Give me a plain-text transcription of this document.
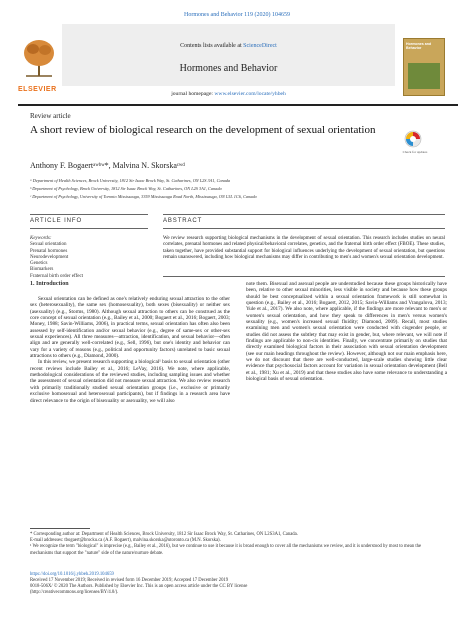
Hormones and Behavior 119 (2020) 104659
ELSEVIER
Contents lists available at ScienceDirect
Hormones and Behavior
journal homepage: www.elsevier.com/locate/yhbeh
Hormones and Behavior
Review article
A short review of biological research on the development of sexual orientation
Check for updates
Anthony F. Bogaertᵃʷᵇʷ*, Malvina N. Skorskaᶜʷᵈ
ᵃ Department of Health Sciences, Brock University, 1812 Sir Isaac Brock Way, St. Catharines, ON L2S 3A1, Canada
ᵇ Department of Psychology, Brock University, 1812 Sir Isaac Brock Way, St. Catharines, ON L2S 3A1, Canada
ᶜ Department of Psychology, University of Toronto Mississauga, 3359 Mississauga Road North, Mississauga, ON L5L 1C6, Canada
ARTICLE INFO	ABSTRACT
Keywords:
Sexual orientation
Prenatal hormones
Neurodevelopment
Genetics
Biomarkers
Fraternal birth order effect
We review research supporting biological mechanisms in the development of sexual orientation. This research includes studies on neural correlates, prenatal hormones and related physical/behavioral correlates, genetics, and the fraternal birth order effect (FBOE). These studies, taken together, have provided substantial support for biological influences underlying the development of sexual orientation, but questions remain unanswered, including how biological mechanisms may differ in contributing to men's and women's sexual orientation development.
1. Introduction

Sexual orientation can be defined as one's relatively enduring sexual attraction to the other sex (heterosexuality), the same sex (homosexuality), both sexes (bisexuality) or neither sex (asexuality) (e.g., Storms, 1980). Although sexual attraction to others can be construed as the core concept of sexual orientation (e.g., Bailey et al., 2000; Bogaert et al., 2016; Bogaert, 2003; Money, 1988; Savin-Williams, 2006), in practical terms, sexual orientation has often also been assessed by self-identification and/or sexual behavior (e.g., degree of same-sex or other-sex sexual experiences). All three measures—attraction, identification, and sexual behavior—often align and are generally well-correlated (e.g., Sell, 1996), but one's identity and behavior can vary for a variety of reasons (e.g., political and opportunity factors) unrelated to basic sexual attractions to others (e.g., Diamond, 2000).

In this review, we present research supporting a biological¹ basis to sexual orientation (other recent reviews include Bailey et al., 2016; LeVay, 2016). We note, where applicable, methodological considerations of the reviewed studies, including sampling issues and whether the assessment of sexual orientation did not measure sexual attraction. We also review research with primarily traditionally studied sexual orientation groups (i.e., exclusive or primarily exclusive homosexual and heterosexual participants), but if findings in a research area have direct relevance to the origin of bisexuality or asexuality, we will also

note them. Bisexual and asexual people are understudied because these groups historically have been, relative to other sexual minorities, less visible in society and because how these groups should be best conceptualized within a sexual orientation framework is still somewhat in question (e.g., Bailey et al., 2016; Bogaert, 2012, 2015; Savin-Williams and Vrangalova, 2013; Yule et al., 2017). We also note, where applicable, if the findings are more relevant to men's or women's sexual orientation, and how they speak to differences in men's versus women's sexuality (e.g., women's increased sexual fluidity; Diamond, 2009). Recall, most studies examining men and women's sexual orientation were conducted with cisgender people, or studies did not assess the subtlety that may exist in gender, but, where relevant, we will note if findings are applicable to non-cis identities. Finally, we concentrate primarily on studies that directly examined biological factors in their association with sexual orientation development (see our main headings throughout the review). However, although not our main emphasis here, we do not discount that there are well-conducted, large-scale studies showing little clear evidence that psychosocial factors account for variation in sexual orientation development (Bell et al., 1981; Xu et al., 2019) and that these studies also have some relevance to understanding a biological basis of sexual orientation.

* Corresponding author at: Department of Health Sciences, Brock University, 1812 Sir Isaac Brock Way, St. Catharines, ON L2S3A1, Canada.

E-mail addresses: tbogaert@brocku.ca (A.F. Bogaert), malvina.skorska@utoronto.ca (M.N. Skorska).

¹ We recognize the term "biological" is imprecise (e.g., Bailey et al., 2016), but we continue to use it because it is broad enough to cover all the mechanisms we review, and it is understood by most to mean the mechanisms that support the "nature" side of the nature/nurture debate.

https://doi.org/10.1016/j.yhbeh.2019.104659
Received 17 November 2019; Received in revised form 16 December 2019; Accepted 17 December 2019
0018-506X/ © 2020 The Authors. Published by Elsevier Inc. This is an open access article under the CC BY license
(http://creativecommons.org/licenses/BY/4.0/).
